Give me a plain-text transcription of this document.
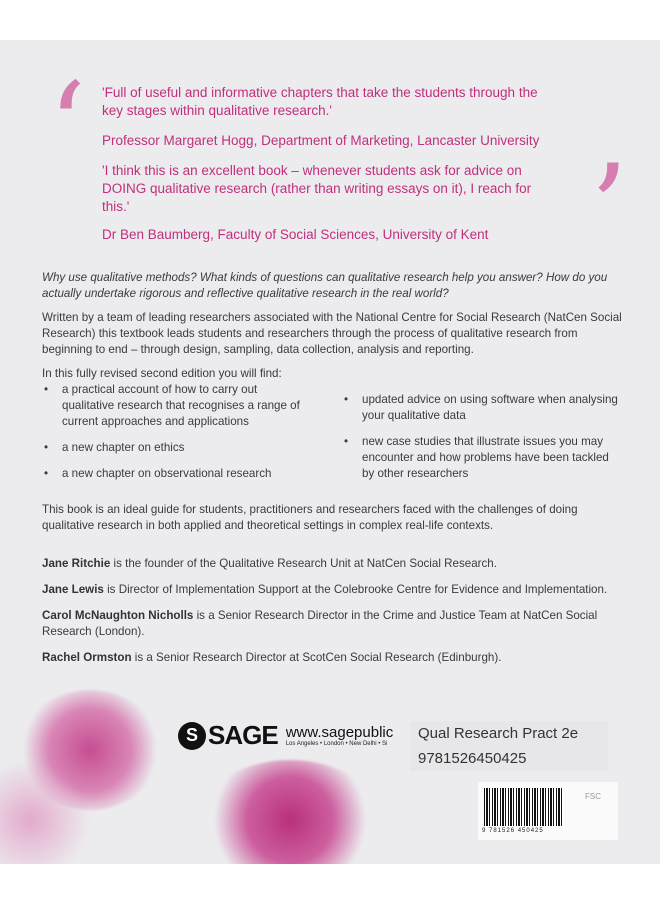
‘
’

'Full of useful and informative chapters that take the students through the key stages within qualitative research.'

Professor Margaret Hogg, Department of Marketing, Lancaster University

'I think this is an excellent book – whenever students ask for advice on DOING qualitative research (rather than writing essays on it), I reach for this.'

Dr Ben Baumberg, Faculty of Social Sciences, University of Kent

Why use qualitative methods? What kinds of questions can qualitative research help you answer? How do you actually undertake rigorous and reflective qualitative research in the real world?

Written by a team of leading researchers associated with the National Centre for Social Research (NatCen Social Research) this textbook leads students and researchers through the process of qualitative research from beginning to end – through design, sampling, data collection, analysis and reporting.

In this fully revised second edition you will find:

• a practical account of how to carry out qualitative research that recognises a range of current approaches and applications
• a new chapter on ethics
• a new chapter on observational research
• updated advice on using software when analysing your qualitative data
• new case studies that illustrate issues you may encounter and how problems have been tackled by other researchers

This book is an ideal guide for students, practitioners and researchers faced with the challenges of doing qualitative research in both applied and theoretical settings in complex real-life contexts.

Jane Ritchie is the founder of the Qualitative Research Unit at NatCen Social Research.

Jane Lewis is Director of Implementation Support at the Colebrooke Centre for Evidence and Implementation.

Carol McNaughton Nicholls is a Senior Research Director in the Crime and Justice Team at NatCen Social Research (London).

Rachel Ormston is a Senior Research Director at ScotCen Social Research (Edinburgh).

S SAGE www.sagepublic
Los Angeles • London • New Delhi • Si
Qual Research Pract 2e
9781526450425
9 781526 450425
FSC
